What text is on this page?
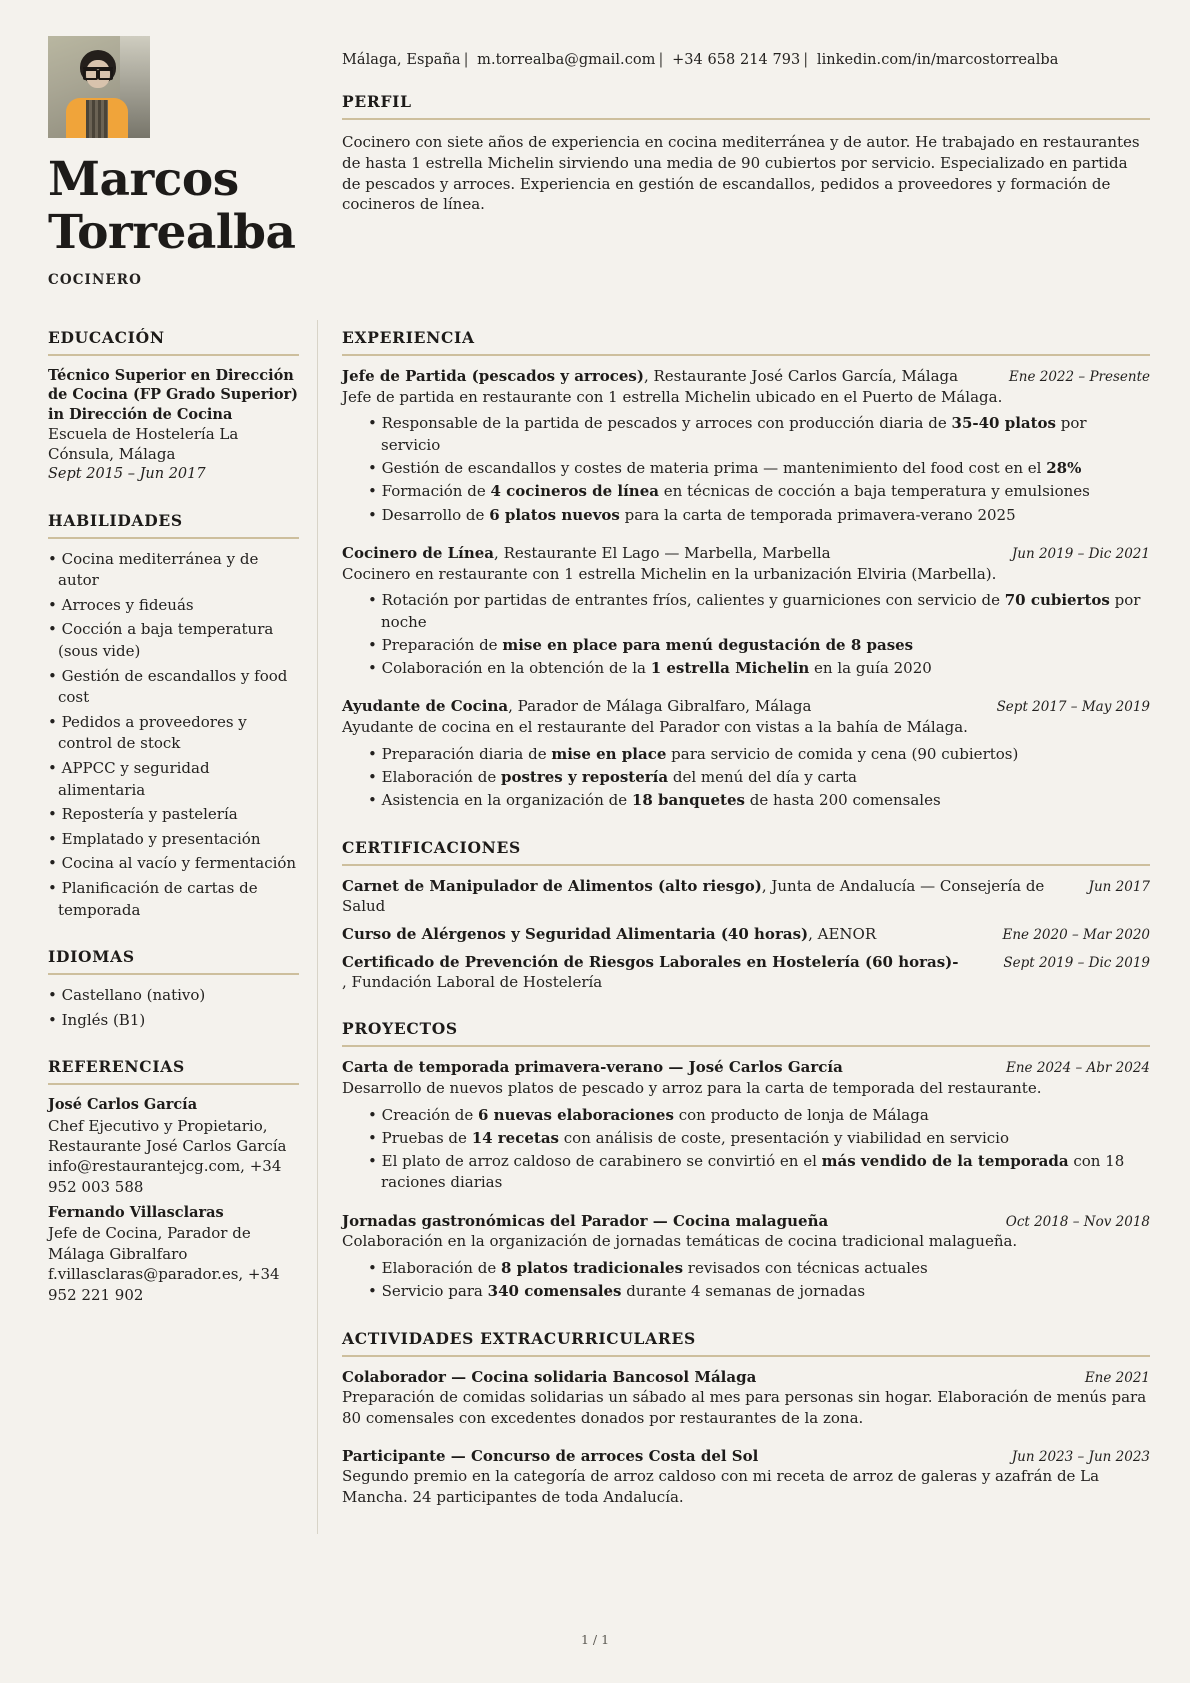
Marcos
Torrealba
COCINERO
Málaga, España | m.torrealba@gmail.com | +34 658 214 793 | linkedin.com/in/marcostorrealba
PERFIL
Cocinero con siete años de experiencia en cocina mediterránea y de autor. He trabajado en restaurantes de hasta 1 estrella Michelin sirviendo una media de 90 cubiertos por servicio. Especializado en partida de pescados y arroces. Experiencia en gestión de escandallos, pedidos a proveedores y formación de cocineros de línea.
EDUCACIÓN
Técnico Superior en Dirección de Cocina (FP Grado Superior) in Dirección de Cocina
Escuela de Hostelería La Cónsula, Málaga
Sept 2015 – Jun 2017
HABILIDADES
• Cocina mediterránea y de autor
• Arroces y fideuás
• Cocción a baja temperatura (sous vide)
• Gestión de escandallos y food cost
• Pedidos a proveedores y control de stock
• APPCC y seguridad alimentaria
• Repostería y pastelería
• Emplatado y presentación
• Cocina al vacío y fermentación
• Planificación de cartas de temporada
IDIOMAS
• Castellano (nativo)
• Inglés (B1)
REFERENCIAS
José Carlos García
Chef Ejecutivo y Propietario, Restaurante José Carlos García info@restaurantejcg.com, +34 952 003 588
Fernando Villasclaras
Jefe de Cocina, Parador de Málaga Gibralfaro f.villasclaras@parador.es, +34 952 221 902
EXPERIENCIA
Jefe de Partida (pescados y arroces), Restaurante José Carlos García, Málaga	Ene 2022 – Presente
Jefe de partida en restaurante con 1 estrella Michelin ubicado en el Puerto de Málaga.
• Responsable de la partida de pescados y arroces con producción diaria de 35-40 platos por servicio
• Gestión de escandallos y costes de materia prima — mantenimiento del food cost en el 28%
• Formación de 4 cocineros de línea en técnicas de cocción a baja temperatura y emulsiones
• Desarrollo de 6 platos nuevos para la carta de temporada primavera-verano 2025
Cocinero de Línea, Restaurante El Lago — Marbella, Marbella	Jun 2019 – Dic 2021
Cocinero en restaurante con 1 estrella Michelin en la urbanización Elviria (Marbella).
• Rotación por partidas de entrantes fríos, calientes y guarniciones con servicio de 70 cubiertos por noche
• Preparación de mise en place para menú degustación de 8 pases
• Colaboración en la obtención de la 1 estrella Michelin en la guía 2020
Ayudante de Cocina, Parador de Málaga Gibralfaro, Málaga	Sept 2017 – May 2019
Ayudante de cocina en el restaurante del Parador con vistas a la bahía de Málaga.
• Preparación diaria de mise en place para servicio de comida y cena (90 cubiertos)
• Elaboración de postres y repostería del menú del día y carta
• Asistencia en la organización de 18 banquetes de hasta 200 comensales
CERTIFICACIONES
Carnet de Manipulador de Alimentos (alto riesgo), Junta de Andalucía — Consejería de Salud
Jun 2017
Curso de Alérgenos y Seguridad Alimentaria (40 horas), AENOR	Ene 2020 – Mar 2020
Certificado de Prevención de Riesgos Laborales en Hostelería (60 horas)-
, Fundación Laboral de Hostelería
Sept 2019 – Dic 2019
PROYECTOS
Carta de temporada primavera-verano — José Carlos García	Ene 2024 – Abr 2024
Desarrollo de nuevos platos de pescado y arroz para la carta de temporada del restaurante.
• Creación de 6 nuevas elaboraciones con producto de lonja de Málaga
• Pruebas de 14 recetas con análisis de coste, presentación y viabilidad en servicio
• El plato de arroz caldoso de carabinero se convirtió en el más vendido de la temporada con 18 raciones diarias
Jornadas gastronómicas del Parador — Cocina malagueña	Oct 2018 – Nov 2018
Colaboración en la organización de jornadas temáticas de cocina tradicional malagueña.
• Elaboración de 8 platos tradicionales revisados con técnicas actuales
• Servicio para 340 comensales durante 4 semanas de jornadas
ACTIVIDADES EXTRACURRICULARES
Colaborador — Cocina solidaria Bancosol Málaga	Ene 2021
Preparación de comidas solidarias un sábado al mes para personas sin hogar. Elaboración de menús para 80 comensales con excedentes donados por restaurantes de la zona.
Participante — Concurso de arroces Costa del Sol	Jun 2023 – Jun 2023
Segundo premio en la categoría de arroz caldoso con mi receta de arroz de galeras y azafrán de La Mancha. 24 participantes de toda Andalucía.
1 / 1
